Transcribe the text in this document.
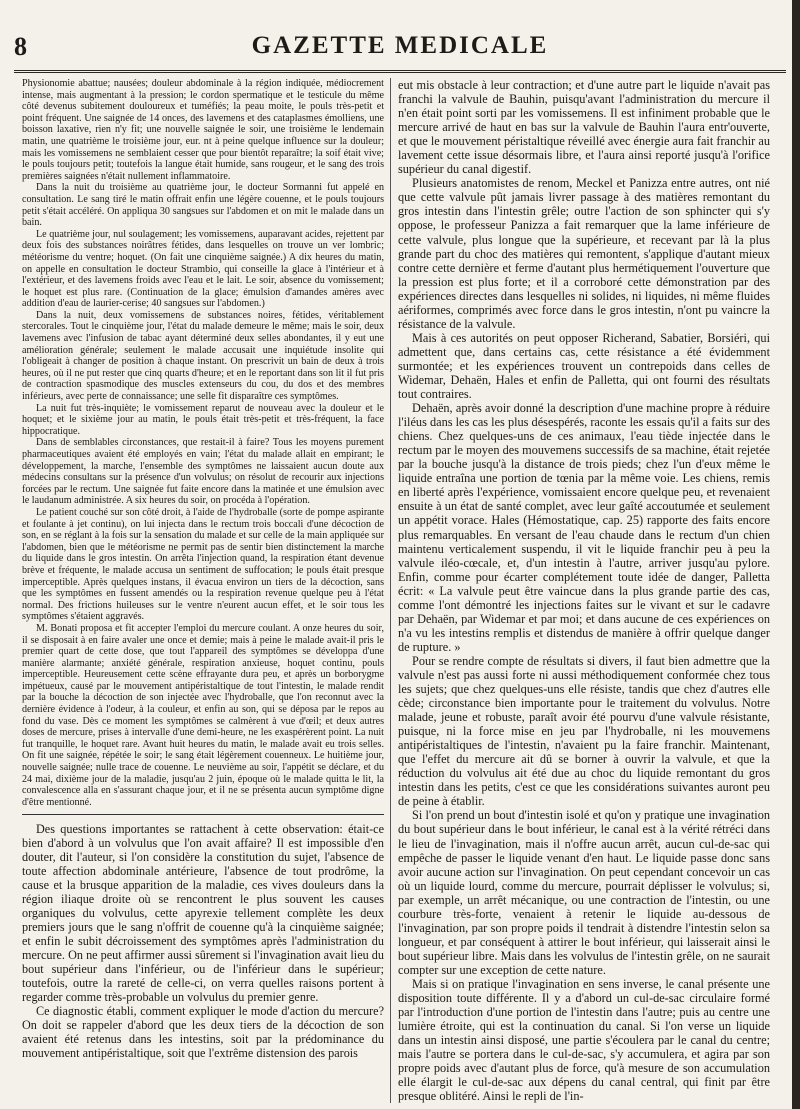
8	GAZETTE MEDICALE

Physionomie abattue; nausées; douleur abdominale à la région indiquée, médiocrement intense, mais augmentant à la pression; le cordon spermatique et le testicule du même côté devenus subitement douloureux et tuméfiés; la peau moite, le pouls très-petit et point fréquent. Une saignée de 14 onces, des lavemens et des cataplasmes émolliens, une boisson laxative, rien n'y fit; une nouvelle saignée le soir, une troisième le lendemain matin, une quatrième le troisième jour, eur. nt à peine quelque influence sur la douleur; mais les vomissemens ne semblaient cesser que pour bientôt reparaître; la soif était vive; le pouls toujours petit; toutefois la langue était humide, sans rougeur, et le sang des trois premières saignées n'était nullement inflammatoire.

Dans la nuit du troisième au quatrième jour, le docteur Sormanni fut appelé en consultation. Le sang tiré le matin offrait enfin une légère couenne, et le pouls toujours petit s'était accéléré. On appliqua 30 sangsues sur l'abdomen et on mit le malade dans un bain.

Le quatrième jour, nul soulagement; les vomissemens, auparavant acides, rejettent par deux fois des substances noirâtres fétides, dans lesquelles on trouve un ver lombric; météorisme du ventre; hoquet. (On fait une cinquième saignée.) A dix heures du matin, on appelle en consultation le docteur Strambio, qui conseille la glace à l'intérieur et à l'extérieur, et des lavemens froids avec l'eau et le lait. Le soir, absence du vomissement; le hoquet est plus rare. (Continuation de la glace; émulsion d'amandes amères avec addition d'eau de laurier-cerise; 40 sangsues sur l'abdomen.)

Dans la nuit, deux vomissemens de substances noires, fétides, véritablement stercorales. Tout le cinquième jour, l'état du malade demeure le même; mais le soir, deux lavemens avec l'infusion de tabac ayant déterminé deux selles abondantes, il y eut une amélioration générale; seulement le malade accusait une inquiétude insolite qui l'obligeait à changer de position à chaque instant. On prescrivit un bain de deux à trois heures, où il ne put rester que cinq quarts d'heure; et en le reportant dans son lit il fut pris de contraction spasmodique des muscles extenseurs du cou, du dos et des membres inférieurs, avec perte de connaissance; une selle fit disparaître ces symptômes.

La nuit fut très-inquiète; le vomissement reparut de nouveau avec la douleur et le hoquet; et le sixième jour au matin, le pouls était très-petit et très-fréquent, la face hippocratique.

Dans de semblables circonstances, que restait-il à faire? Tous les moyens purement pharmaceutiques avaient été employés en vain; l'état du malade allait en empirant; le développement, la marche, l'ensemble des symptômes ne laissaient aucun doute aux médecins consultans sur la présence d'un volvulus; on résolut de recourir aux injections forcées par le rectum. Une saignée fut faite encore dans la matinée et une émulsion avec le laudanum administrée. A six heures du soir, on procéda à l'opération.

Le patient couché sur son côté droit, à l'aide de l'hydroballe (sorte de pompe aspirante et foulante à jet continu), on lui injecta dans le rectum trois boccali d'une décoction de son, en se réglant à la fois sur la sensation du malade et sur celle de la main appliquée sur l'abdomen, bien que le météorisme ne permit pas de sentir bien distinctement la marche du liquide dans le gros intestin. On arrêta l'injection quand, la respiration étant devenue brève et fréquente, le malade accusa un sentiment de suffocation; le pouls était presque imperceptible. Après quelques instans, il évacua environ un tiers de la décoction, sans que les symptômes en fussent amendés ou la respiration revenue quelque peu à l'état normal. Des frictions huileuses sur le ventre n'eurent aucun effet, et le soir tous les symptômes s'étaient aggravés.

M. Bonati proposa et fit accepter l'emploi du mercure coulant. A onze heures du soir, il se disposait à en faire avaler une once et demie; mais à peine le malade avait-il pris le premier quart de cette dose, que tout l'appareil des symptômes se développa d'une manière alarmante; anxiété générale, respiration anxieuse, hoquet continu, pouls imperceptible. Heureusement cette scène effrayante dura peu, et après un borborygme impétueux, causé par le mouvement antipéristaltique de tout l'intestin, le malade rendit par la bouche la décoction de son injectée avec l'hydroballe, que l'on reconnut avec la dernière évidence à l'odeur, à la couleur, et enfin au son, qui se déposa par le repos au fond du vase. Dès ce moment les symptômes se calmèrent à vue d'œil; et deux autres doses de mercure, prises à intervalle d'une demi-heure, ne les exaspérèrent point. La nuit fut tranquille, le hoquet rare. Avant huit heures du matin, le malade avait eu trois selles. On fit une saignée, répétée le soir; le sang était légèrement couenneux. Le huitième jour, nouvelle saignée; nulle trace de couenne. Le neuvième au soir, l'appétit se déclare, et du 24 mai, dixième jour de la maladie, jusqu'au 2 juin, époque où le malade quitta le lit, la convalescence alla en s'assurant chaque jour, et il ne se présenta aucun symptôme digne d'être mentionné.

Des questions importantes se rattachent à cette observation: était-ce bien d'abord à un volvulus que l'on avait affaire? Il est impossible d'en douter, dit l'auteur, si l'on considère la constitution du sujet, l'absence de toute affection abdominale antérieure, l'absence de tout prodrôme, la cause et la brusque apparition de la maladie, ces vives douleurs dans la région iliaque droite où se rencontrent le plus souvent les causes organiques du volvulus, cette apyrexie tellement complète les deux premiers jours que le sang n'offrit de couenne qu'à la cinquième saignée; et enfin le subit décroissement des symptômes après l'administration du mercure. On ne peut affirmer aussi sûrement si l'invagination avait lieu du bout supérieur dans l'inférieur, ou de l'inférieur dans le supérieur; toutefois, outre la rareté de celle-ci, on verra quelles raisons portent à regarder comme très-probable un volvulus du premier genre.

Ce diagnostic établi, comment expliquer le mode d'action du mercure? On doit se rappeler d'abord que les deux tiers de la décoction de son avaient été retenus dans les intestins, soit par la prédominance du mouvement antipéristaltique, soit que l'extrême distension des parois

eut mis obstacle à leur contraction; et d'une autre part le liquide n'avait pas franchi la valvule de Bauhin, puisqu'avant l'administration du mercure il n'en était point sorti par les vomissemens. Il est infiniment probable que le mercure arrivé de haut en bas sur la valvule de Bauhin l'aura entr'ouverte, et que le mouvement péristaltique réveillé avec énergie aura fait franchir au lavement cette issue désormais libre, et l'aura ainsi reporté jusqu'à l'orifice supérieur du canal digestif.

Plusieurs anatomistes de renom, Meckel et Panizza entre autres, ont nié que cette valvule pût jamais livrer passage à des matières remontant du gros intestin dans l'intestin grêle; outre l'action de son sphincter qui s'y oppose, le professeur Panizza a fait remarquer que la lame inférieure de cette valvule, plus longue que la supérieure, et recevant par là la plus grande part du choc des matières qui remontent, s'applique d'autant mieux contre cette dernière et ferme d'autant plus hermétiquement l'ouverture que la pression est plus forte; et il a corroboré cette démonstration par des expériences directes dans lesquelles ni solides, ni liquides, ni même fluides aériformes, comprimés avec force dans le gros intestin, n'ont pu vaincre la résistance de la valvule.

Mais à ces autorités on peut opposer Richerand, Sabatier, Borsiéri, qui admettent que, dans certains cas, cette résistance a été évidemment surmontée; et les expériences trouvent un contrepoids dans celles de Widemar, Dehaën, Hales et enfin de Palletta, qui ont fourni des résultats tout contraires.

Dehaën, après avoir donné la description d'une machine propre à réduire l'iléus dans les cas les plus désespérés, raconte les essais qu'il a faits sur des chiens. Chez quelques-uns de ces animaux, l'eau tiède injectée dans le rectum par le moyen des mouvemens successifs de sa machine, était rejetée par la bouche jusqu'à la distance de trois pieds; chez l'un d'eux même le liquide entraîna une portion de tœnia par la même voie. Les chiens, remis en liberté après l'expérience, vomissaient encore quelque peu, et revenaient ensuite à un état de santé complet, avec leur gaîté accoutumée et seulement un appétit vorace. Hales (Hémostatique, cap. 25) rapporte des faits encore plus remarquables. En versant de l'eau chaude dans le rectum d'un chien maintenu verticalement suspendu, il vit le liquide franchir peu à peu la valvule iléo-cœcale, et, d'un intestin à l'autre, arriver jusqu'au pylore. Enfin, comme pour écarter complétement toute idée de danger, Palletta écrit: « La valvule peut être vaincue dans la plus grande partie des cas, comme l'ont démontré les injections faites sur le vivant et sur le cadavre par Dehaën, par Widemar et par moi; et dans aucune de ces expériences on n'a vu les intestins remplis et distendus de manière à offrir quelque danger de rupture. »

Pour se rendre compte de résultats si divers, il faut bien admettre que la valvule n'est pas aussi forte ni aussi méthodiquement conformée chez tous les sujets; que chez quelques-uns elle résiste, tandis que chez d'autres elle cède; circonstance bien importante pour le traitement du volvulus. Notre malade, jeune et robuste, paraît avoir été pourvu d'une valvule résistante, puisque, ni la force mise en jeu par l'hydroballe, ni les mouvemens antipéristaltiques de l'intestin, n'avaient pu la faire franchir. Maintenant, que l'effet du mercure ait dû se borner à ouvrir la valvule, et que la réduction du volvulus ait été due au choc du liquide remontant du gros intestin dans les petits, c'est ce que les considérations suivantes auront peu de peine à établir.

Si l'on prend un bout d'intestin isolé et qu'on y pratique une invagination du bout supérieur dans le bout inférieur, le canal est à la vérité rétréci dans le lieu de l'invagination, mais il n'offre aucun arrêt, aucun cul-de-sac qui empêche de passer le liquide venant d'en haut. Le liquide passe donc sans avoir aucune action sur l'invagination. On peut cependant concevoir un cas où un liquide lourd, comme du mercure, pourrait déplisser le volvulus; si, par exemple, un arrêt mécanique, ou une contraction de l'intestin, ou une courbure très-forte, venaient à retenir le liquide au-dessous de l'invagination, par son propre poids il tendrait à distendre l'intestin selon sa longueur, et par conséquent à attirer le bout inférieur, qui laisserait ainsi le bout supérieur libre. Mais dans les volvulus de l'intestin grêle, on ne saurait compter sur une exception de cette nature.

Mais si on pratique l'invagination en sens inverse, le canal présente une disposition toute différente. Il y a d'abord un cul-de-sac circulaire formé par l'introduction d'une portion de l'intestin dans l'autre; puis au centre une lumière étroite, qui est la continuation du canal. Si l'on verse un liquide dans un intestin ainsi disposé, une partie s'écoulera par le canal du centre; mais l'autre se portera dans le cul-de-sac, s'y accumulera, et agira par son propre poids avec d'autant plus de force, qu'à mesure de son accumulation elle élargit le cul-de-sac aux dépens du canal central, qui finit par être presque oblitéré. Ainsi le repli de l'in-
